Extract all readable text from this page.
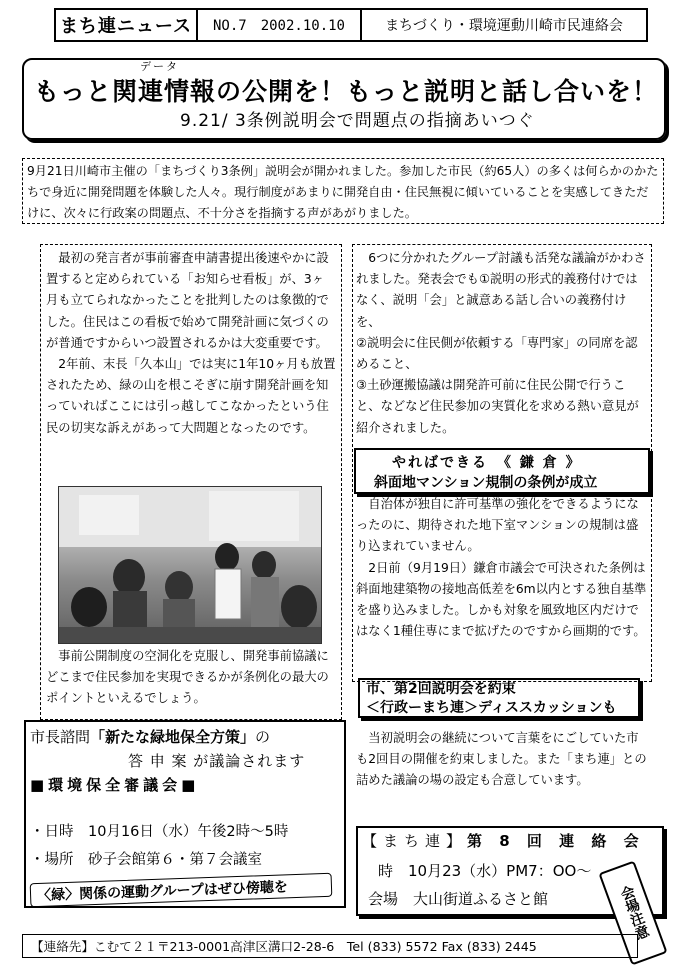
まち連ニュース	NO.7　2002.10.10	まちづくり・環境運動川崎市民連絡会
データ
もっと関連情報の公開を！もっと説明と話し合いを！
9.21/ 3条例説明会で問題点の指摘あいつぐ
9月21日川崎市主催の「まちづくり3条例」説明会が開かれました。参加した市民（約65人）の多くは何らかのかたちで身近に開発問題を体験した人々。現行制度があまりに開発自由・住民無視に傾いていることを実感してきただけに、次々に行政案の問題点、不十分さを指摘する声があがりました。

最初の発言者が事前審査申請書提出後速やかに設置すると定められている「お知らせ看板」が、3ヶ月も立てられなかったことを批判したのは象徴的でした。住民はこの看板で始めて開発計画に気づくのが普通ですからいつ設置されるかは大変重要です。

2年前、末長「久本山」では実に1年10ヶ月も放置されたため、緑の山を根こそぎに崩す開発計画を知っていればここには引っ越してこなかったという住民の切実な訴えがあって大問題となったのです。

事前公開制度の空洞化を克服し、開発事前協議にどこまで住民参加を実現できるかが条例化の最大のポイントといえるでしょう。

6つに分かれたグループ討議も活発な議論がかわされました。発表会でも①説明の形式的義務付けではなく、説明「会」と誠意ある話し合いの義務付けを、

②説明会に住民側が依頼する「専門家」の同席を認めること、

③土砂運搬協議は開発許可前に住民公開で行うこと、などなど住民参加の実質化を求める熱い意見が紹介されました。

やればできる　《 鎌 倉 》
斜面地マンション規制の条例が成立

自治体が独自に許可基準の強化をできるようになったのに、期待された地下室マンションの規制は盛り込まれていません。

2日前（9月19日）鎌倉市議会で可決された条例は斜面地建築物の接地高低差を6m以内とする独自基準を盛り込みました。しかも対象を風致地区内だけではなく1種住専にまで拡げたのですから画期的です。

市、第2回説明会を約束
＜行政ーまち連＞ディススカッションも

当初説明会の継続について言葉をにごしていた市も2回目の開催を約束しました。また「まち連」との詰めた議論の場の設定も合意しています。

市長諮問「新たな緑地保全方策」の
答 申 案 が議論されます
■環境保全審議会■
・日時　10月16日（水）午後2時～5時
・場所　砂子会館第６・第７会議室
〈緑〉関係の運動グループはぜひ傍聴を
【まち連】第 8 回 連 絡 会
時　10月23（水）PM7：OO～
会場　大山街道ふるさと館	会場注意
【連絡先】こむて２１〒213-0001高津区溝口2-28-6　Tel (833) 5572 Fax (833) 2445
